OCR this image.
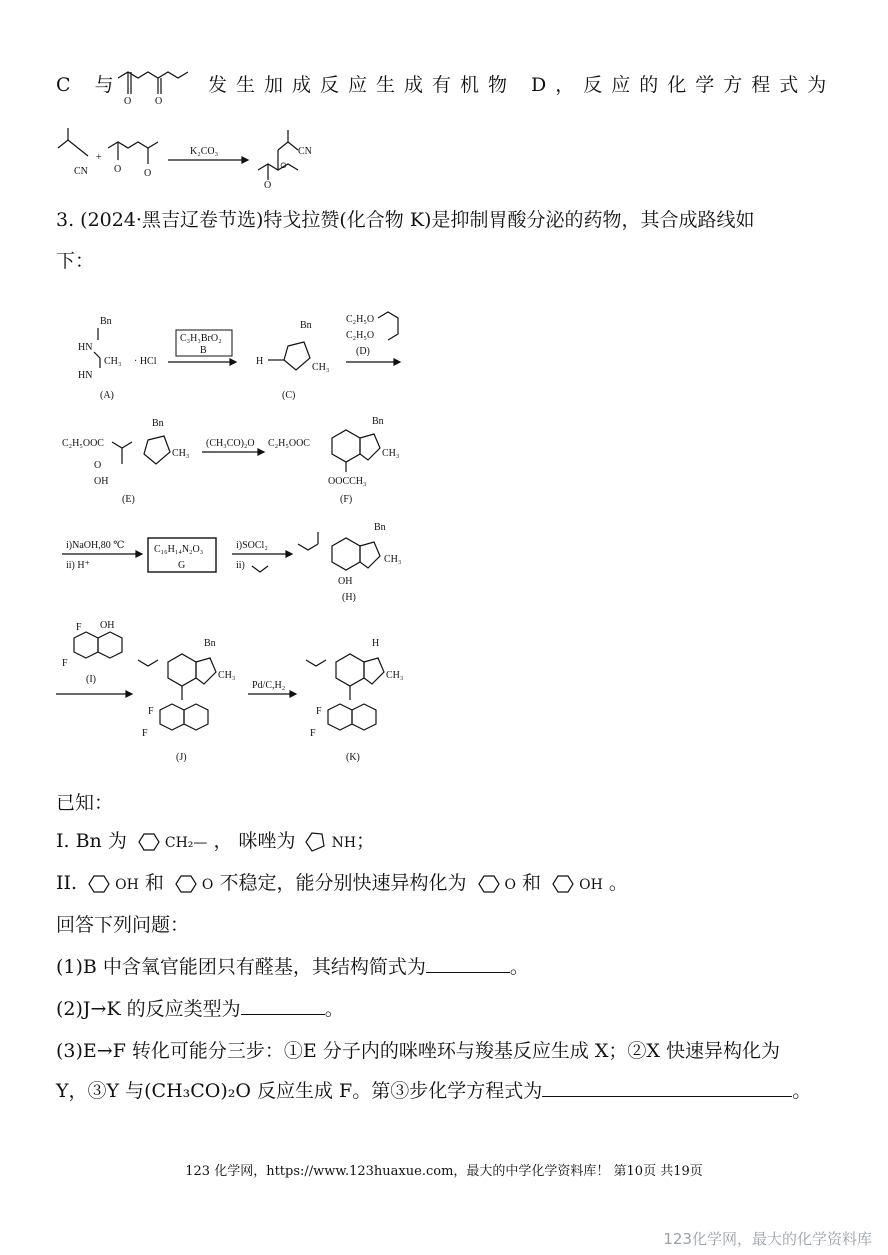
C 与
O O
发生加成反应生成有机物 D，反应的化学方程式为
CN
+
O O
K₂CO₃	CN
O
。
3. (2024·黑吉辽卷节选)特戈拉赞(化合物 K)是抑制胃酸分泌的药物，其合成路线如
下：
Bn
HN
HN
CH₃ · HCl
(A)
C₃H₃BrO₂
B
Bn
H
CH₃
(C)
C₂H₅O
C₂H₅O
(D)
C₂H₅OOC
O
OH
Bn
CH₃
(E)
(CH₃CO)₂O C₂H₅OOC
Bn
CH₃
OOCCH₃
(F)
i)NaOH,80 ℃
ii) H⁺
C₁₆H₁₄N₂O₃
G
i)SOCl₂
ii)
Bn
CH₃
OH
(H)
F OH
F
(I)
Bn
CH₃
F
F
(J)
Pd/C,H₂
H
CH₃
F
F
(K)
已知：
I. Bn 为	CH₂— ， 咪唑为	NH；
II.	OH 和	O 不稳定，能分别快速异构化为	O 和	OH 。
回答下列问题：
(1)B 中含氧官能团只有醛基，其结构简式为	。
(2)J→K 的反应类型为	。
(3)E→F 转化可能分三步：①E 分子内的咪唑环与羧基反应生成 X；②X 快速异构化为
Y，③Y 与(CH₃CO)₂O 反应生成 F。第③步化学方程式为	。
123 化学网，https://www.123huaxue.com，最大的中学化学资料库！ 第10页 共19页
123化学网，最大的化学资料库
